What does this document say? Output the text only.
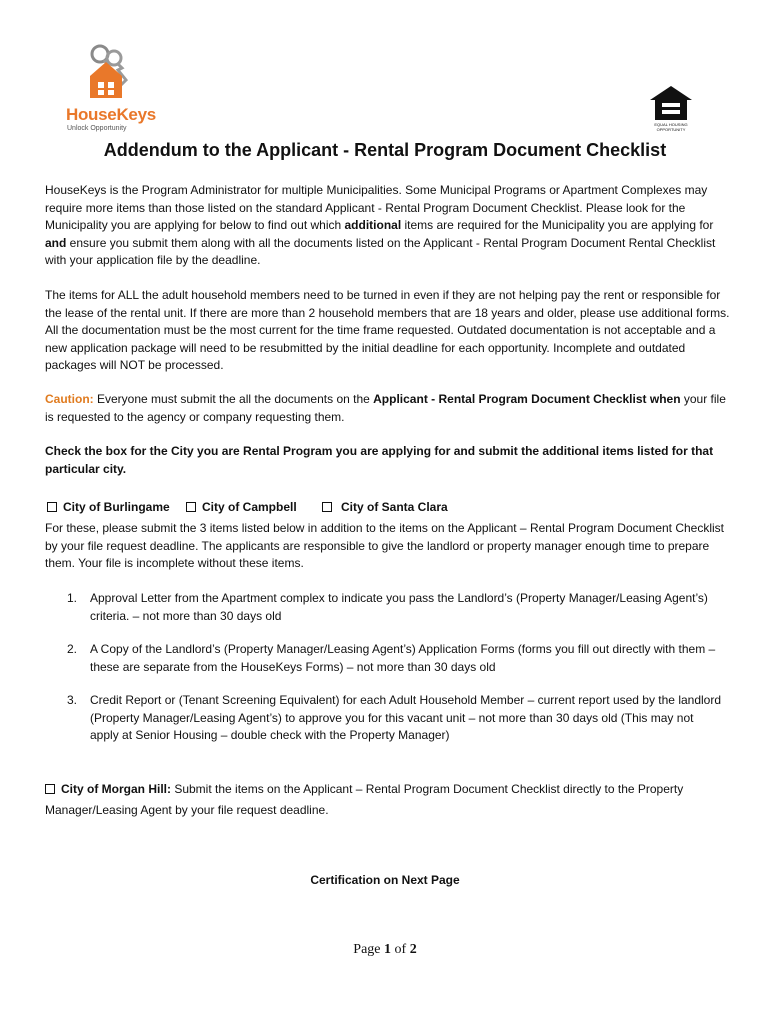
HouseKeys
Unlock Opportunity
EQUAL HOUSING OPPORTUNITY
Addendum to the Applicant - Rental Program Document Checklist
HouseKeys is the Program Administrator for multiple Municipalities. Some Municipal Programs or Apartment Complexes may require more items than those listed on the standard Applicant - Rental Program Document Checklist. Please look for the Municipality you are applying for below to find out which additional items are required for the Municipality you are applying for and ensure you submit them along with all the documents listed on the Applicant - Rental Program Document Rental Checklist with your application file by the deadline.
The items for ALL the adult household members need to be turned in even if they are not helping pay the rent or responsible for the lease of the rental unit. If there are more than 2 household members that are 18 years and older, please use additional forms. All the documentation must be the most current for the time frame requested. Outdated documentation is not acceptable and a new application package will need to be resubmitted by the initial deadline for each opportunity. Incomplete and outdated packages will NOT be processed.
Caution: Everyone must submit the all the documents on the Applicant - Rental Program Document Checklist when your file is requested to the agency or company requesting them.
Check the box for the City you are Rental Program you are applying for and submit the additional items listed for that particular city.
City of Burlingame	City of Campbell	City of Santa Clara
For these, please submit the 3 items listed below in addition to the items on the Applicant – Rental Program Document Checklist by your file request deadline. The applicants are responsible to give the landlord or property manager enough time to prepare them. Your file is incomplete without these items.
1. Approval Letter from the Apartment complex to indicate you pass the Landlord’s (Property Manager/Leasing Agent’s) criteria. – not more than 30 days old
2. A Copy of the Landlord’s (Property Manager/Leasing Agent’s) Application Forms (forms you fill out directly with them – these are separate from the HouseKeys Forms) – not more than 30 days old
3. Credit Report or (Tenant Screening Equivalent) for each Adult Household Member – current report used by the landlord (Property Manager/Leasing Agent’s) to approve you for this vacant unit – not more than 30 days old (This may not apply at Senior Housing – double check with the Property Manager)
City of Morgan Hill: Submit the items on the Applicant – Rental Program Document Checklist directly to the Property Manager/Leasing Agent by your file request deadline.
Certification on Next Page
Page 1 of 2
